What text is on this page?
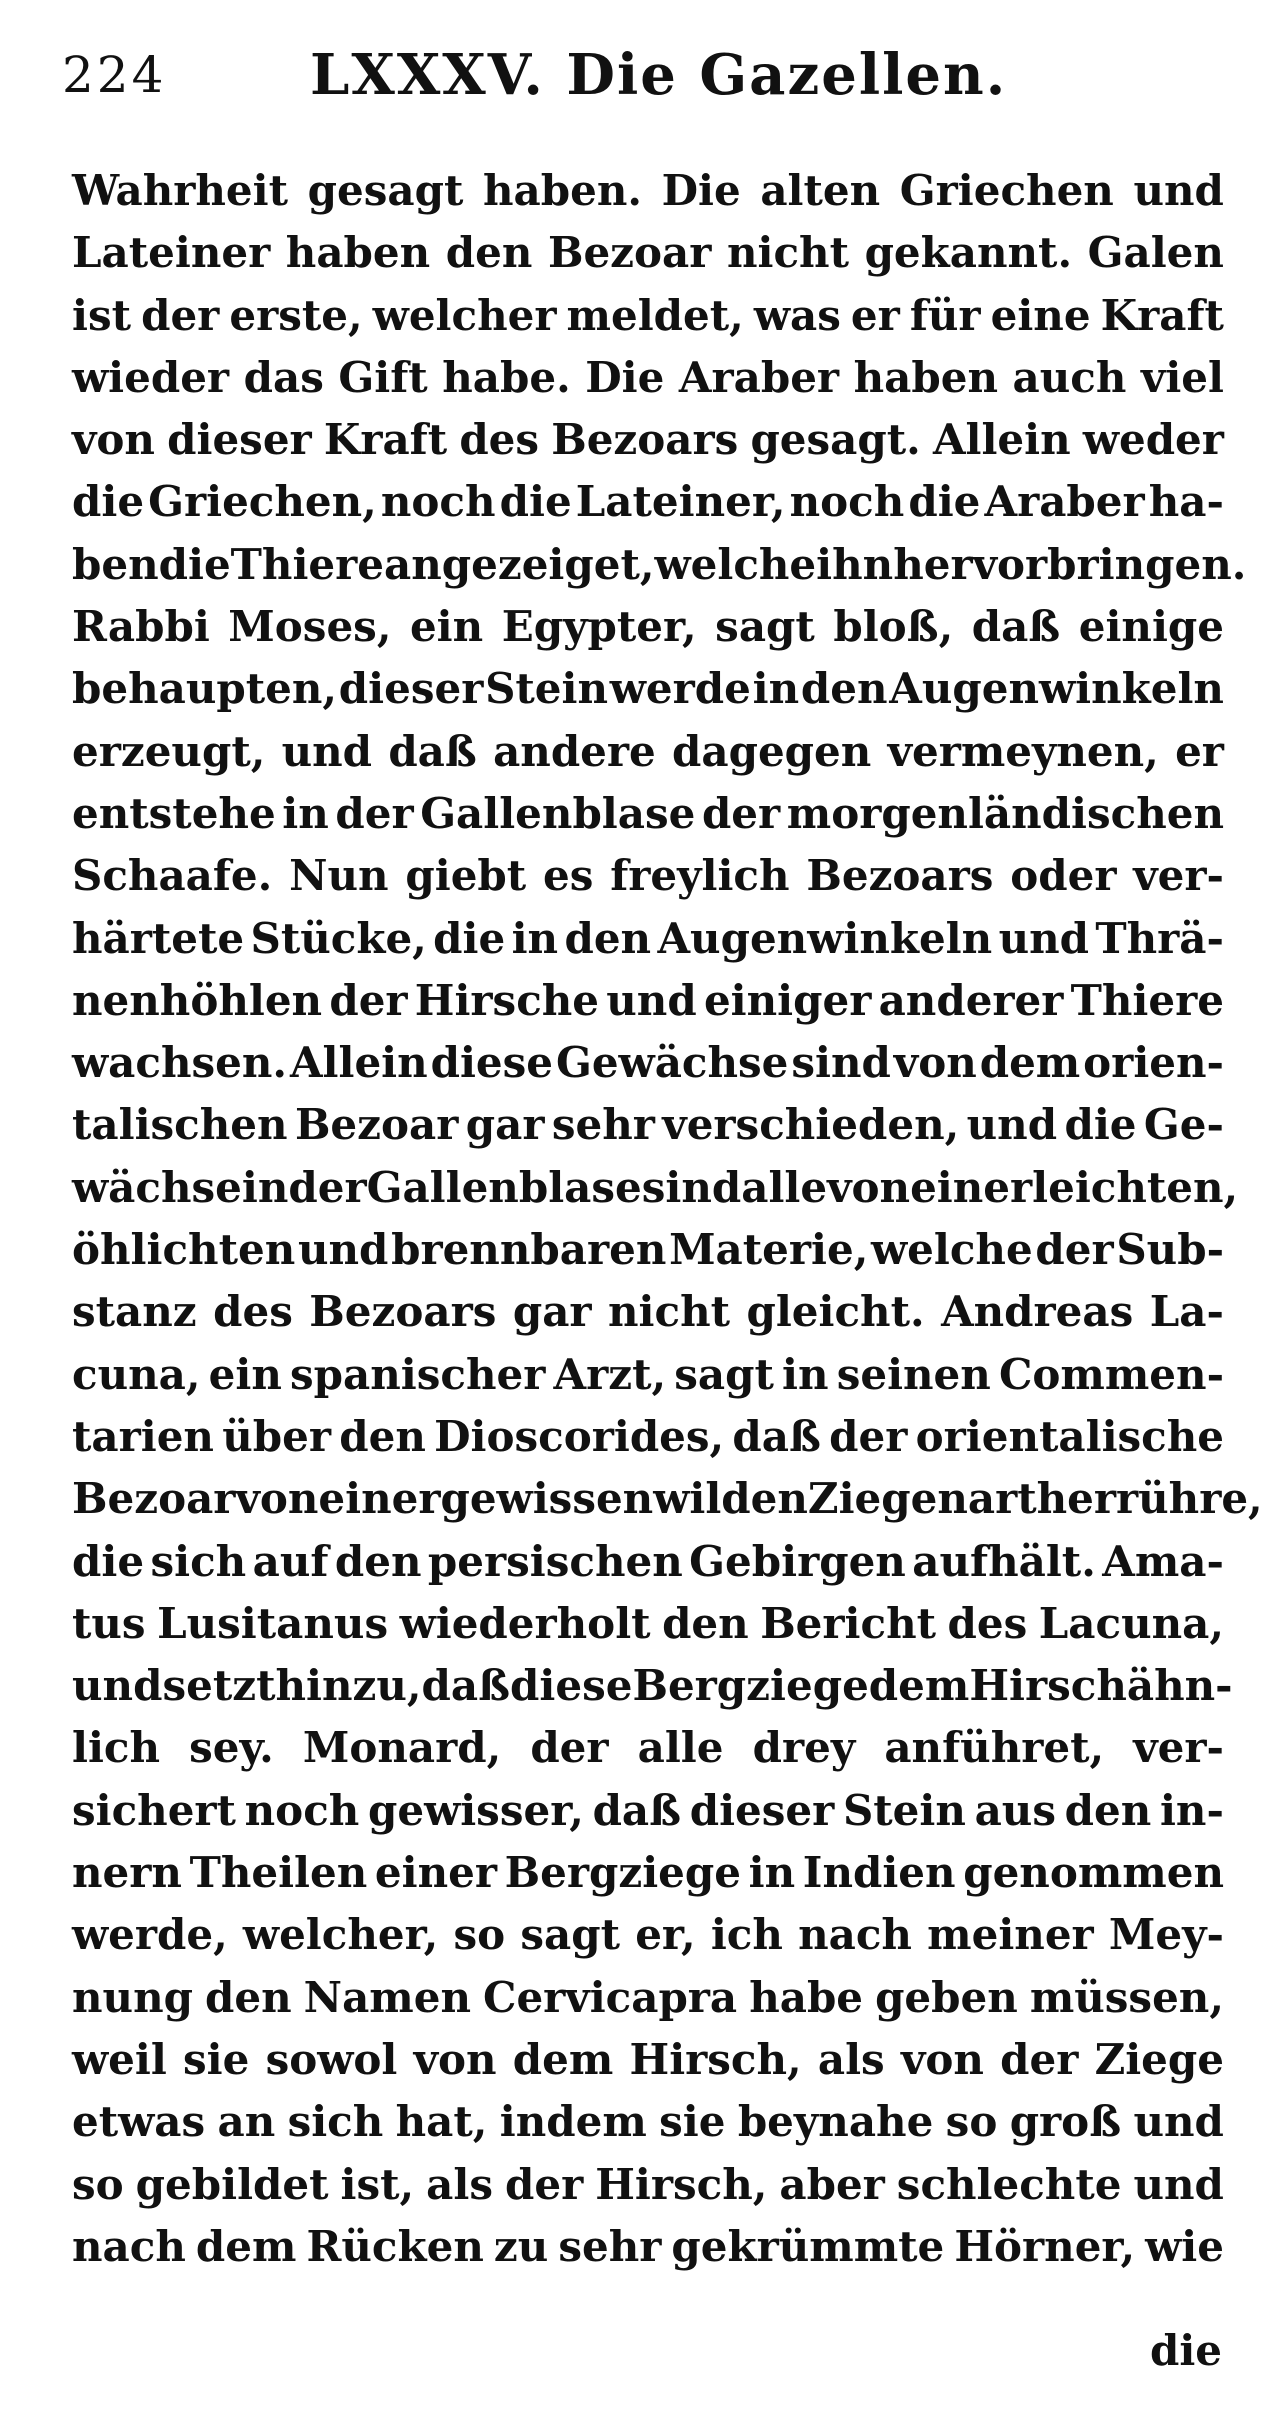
224	LXXXV. Die Gazellen.
Wahrheit gesagt haben. Die alten Griechen und
Lateiner haben den Bezoar nicht gekannt. Galen
ist der erste, welcher meldet, was er für eine Kraft
wieder das Gift habe. Die Araber haben auch viel
von dieser Kraft des Bezoars gesagt. Allein weder
die Griechen, noch die Lateiner, noch die Araber ha-
ben die Thiere angezeiget, welche ihn hervorbringen.
Rabbi Moses, ein Egypter, sagt bloß, daß einige
behaupten, dieser Stein werde in den Augenwinkeln
erzeugt, und daß andere dagegen vermeynen, er
entstehe in der Gallenblase der morgenländischen
Schaafe. Nun giebt es freylich Bezoars oder ver-
härtete Stücke, die in den Augenwinkeln und Thrä-
nenhöhlen der Hirsche und einiger anderer Thiere
wachsen. Allein diese Gewächse sind von dem orien-
talischen Bezoar gar sehr verschieden, und die Ge-
wächse in der Gallenblase sind alle von einer leichten,
öhlichten und brennbaren Materie, welche der Sub-
stanz des Bezoars gar nicht gleicht. Andreas La-
cuna, ein spanischer Arzt, sagt in seinen Commen-
tarien über den Dioscorides, daß der orientalische
Bezoar von einer gewissen wilden Ziegenart herrühre,
die sich auf den persischen Gebirgen aufhält. Ama-
tus Lusitanus wiederholt den Bericht des Lacuna,
und setzt hinzu, daß diese Bergziege dem Hirsch ähn-
lich sey. Monard, der alle drey anführet, ver-
sichert noch gewisser, daß dieser Stein aus den in-
nern Theilen einer Bergziege in Indien genommen
werde, welcher, so sagt er, ich nach meiner Mey-
nung den Namen Cervicapra habe geben müssen,
weil sie sowol von dem Hirsch, als von der Ziege
etwas an sich hat, indem sie beynahe so groß und
so gebildet ist, als der Hirsch, aber schlechte und
nach dem Rücken zu sehr gekrümmte Hörner, wie
die
